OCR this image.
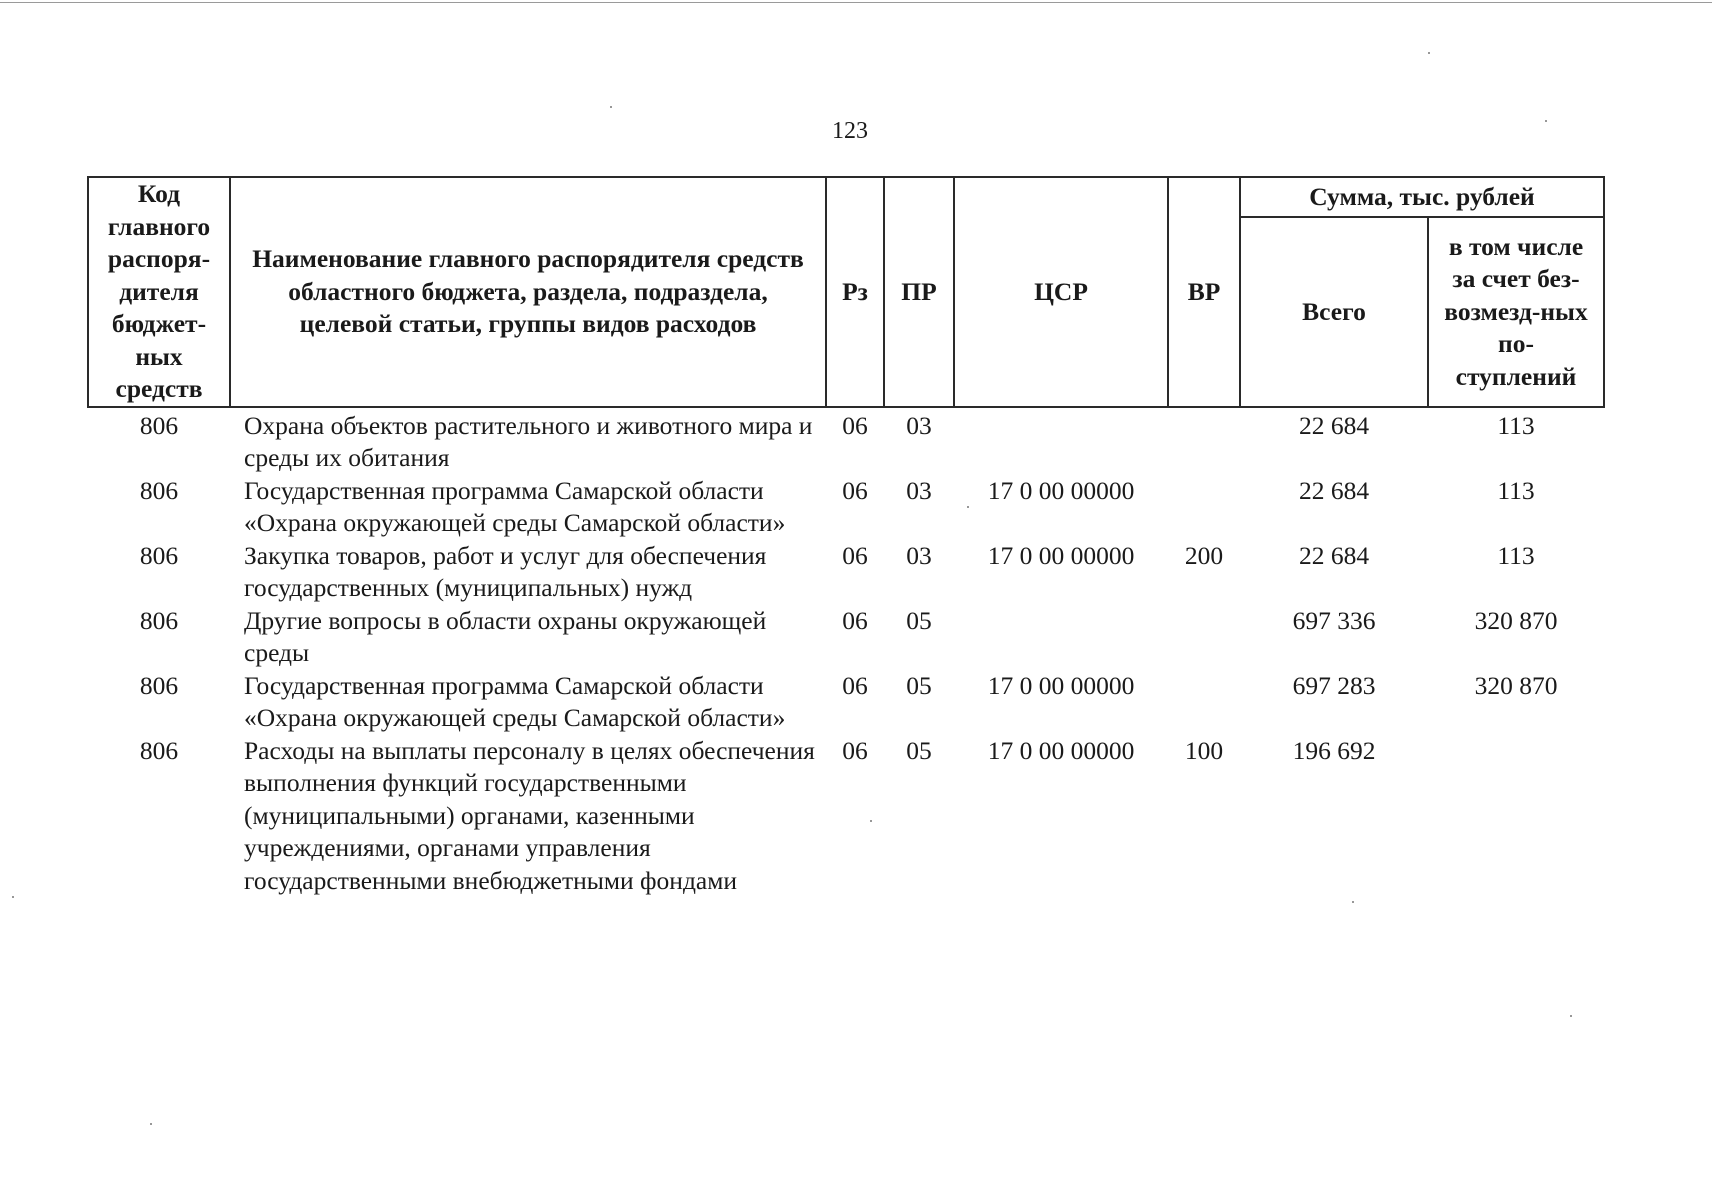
123
Код главного распоря-дителя бюджет-ных средств	Наименование главного распорядителя средств областного бюджета, раздела, подраздела, целевой статьи, группы видов расходов	Рз	ПР	ЦСР	ВР	Сумма, тыс. рублей	
						Всего	в том числе за счет без-возмезд-ных по-ступлений

806	Охрана объектов растительного и животного мира и среды их обитания	06	03			22 684	113
806	Государственная программа Самарской области «Охрана окружающей среды Самарской области»	06	03	17 0 00 00000		22 684	113
806	Закупка товаров, работ и услуг для обеспечения государственных (муниципальных) нужд	06	03	17 0 00 00000	200	22 684	113
806	Другие вопросы в области охраны окружающей среды	06	05			697 336	320 870
806	Государственная программа Самарской области «Охрана окружающей среды Самарской области»	06	05	17 0 00 00000		697 283	320 870
806	Расходы на выплаты персоналу в целях обеспечения выполнения функций государственными (муниципальными) органами, казенными учреждениями, органами управления государственными внебюджетными фондами	06	05	17 0 00 00000	100	196 692	
